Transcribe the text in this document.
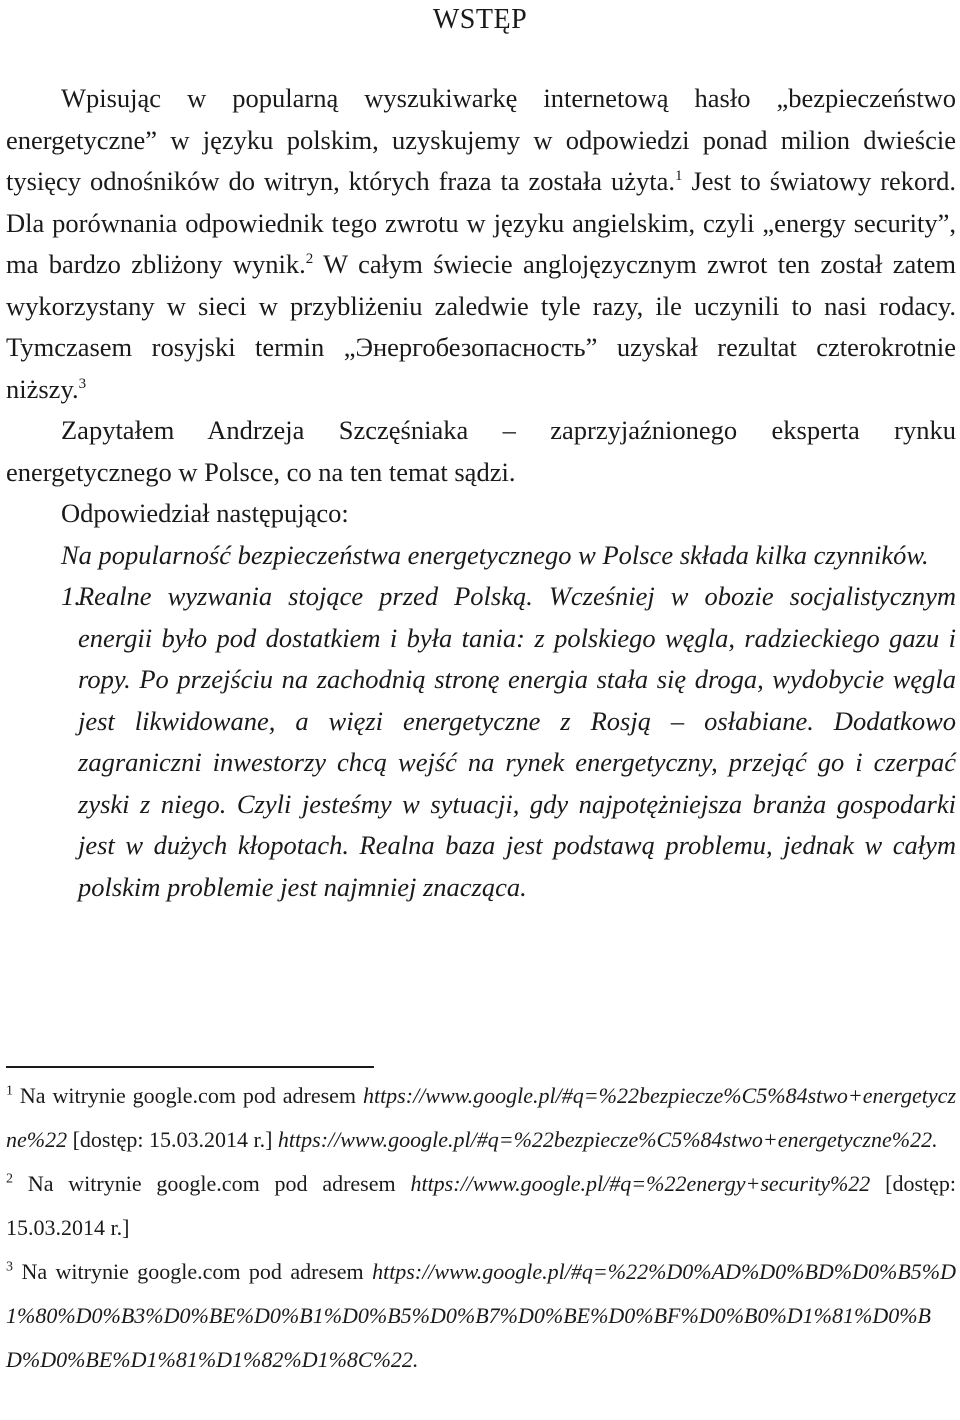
WSTĘP

Wpisując w popularną wyszukiwarkę internetową hasło „bezpieczeństwo energetyczne” w języku polskim, uzyskujemy w odpowiedzi ponad milion dwieście tysięcy odnośników do witryn, których fraza ta została użyta.$^1$ Jest to światowy rekord. Dla porównania odpowiednik tego zwrotu w języku angielskim, czyli „energy security”, ma bardzo zbliżony wynik.$^2$ W całym świecie anglojęzycznym zwrot ten został zatem wykorzystany w sieci w przybliżeniu zaledwie tyle razy, ile uczynili to nasi rodacy. Tymczasem rosyjski termin „Энергобезопасность” uzyskał rezultat czterokrotnie niższy.$^3$

Zapytałem Andrzeja Szczęśniaka – zaprzyjaźnionego eksperta rynku energetycznego w Polsce, co na ten temat sądzi.

Odpowiedział następująco:

Na popularność bezpieczeństwa energetycznego w Polsce składa kilka czynników.

1.
Realne wyzwania stojące przed Polską. Wcześniej w obozie socjalistycznym energii było pod dostatkiem i była tania: z polskiego węgla, radzieckiego gazu i ropy. Po przejściu na zachodnią stronę energia stała się droga, wydobycie węgla jest likwidowane, a więzi energetyczne z Rosją – osłabiane. Dodatkowo zagraniczni inwestorzy chcą wejść na rynek energetyczny, przejąć go i czerpać zyski z niego. Czyli jesteśmy w sytuacji, gdy najpotężniejsza branża gospodarki jest w dużych kłopotach. Realna baza jest podstawą problemu, jednak w całym polskim problemie jest najmniej znacząca.

$^1$ Na witrynie google.com pod adresem https://www.google.pl/#q=%22bezpiecze%C5%84stwo+energetyczne%22 [dostęp: 15.03.2014 r.] https://www.google.pl/#q=%22bezpiecze%C5%84stwo+energetyczne%22.

$^2$ Na witrynie google.com pod adresem https://www.google.pl/#q=%22energy+security%22 [dostęp: 15.03.2014 r.]

$^3$ Na witrynie google.com pod adresem https://www.google.pl/#q=%22%D0%AD%D0%BD%D0%B5%D1%80%D0%B3%D0%BE%D0%B1%D0%B5%D0%B7%D0%BE%D0%BF%D0%B0%D1%81%D0%BD%D0%BE%D1%81%D1%82%D1%8C%22.
